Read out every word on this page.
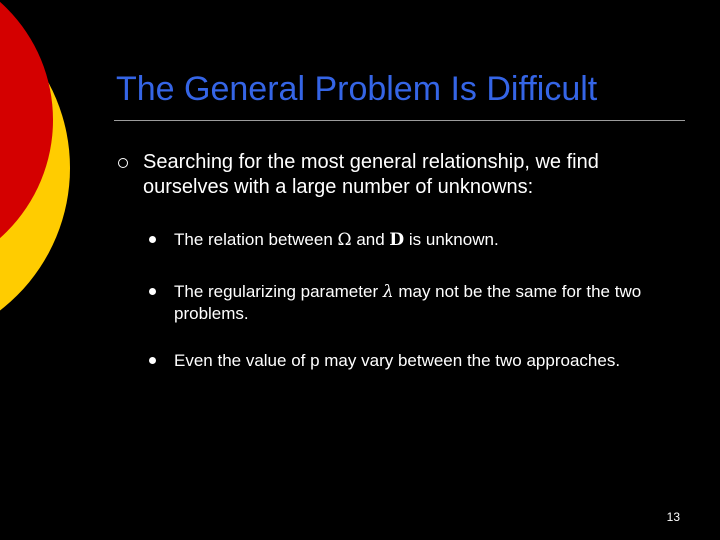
The General Problem Is Difficult
Searching for the most general relationship, we find ourselves with a large number of unknowns:
The relation between Ω and D is unknown.
The regularizing parameter λ may not be the same for the two problems.
Even the value of p may vary between the two approaches.
13
